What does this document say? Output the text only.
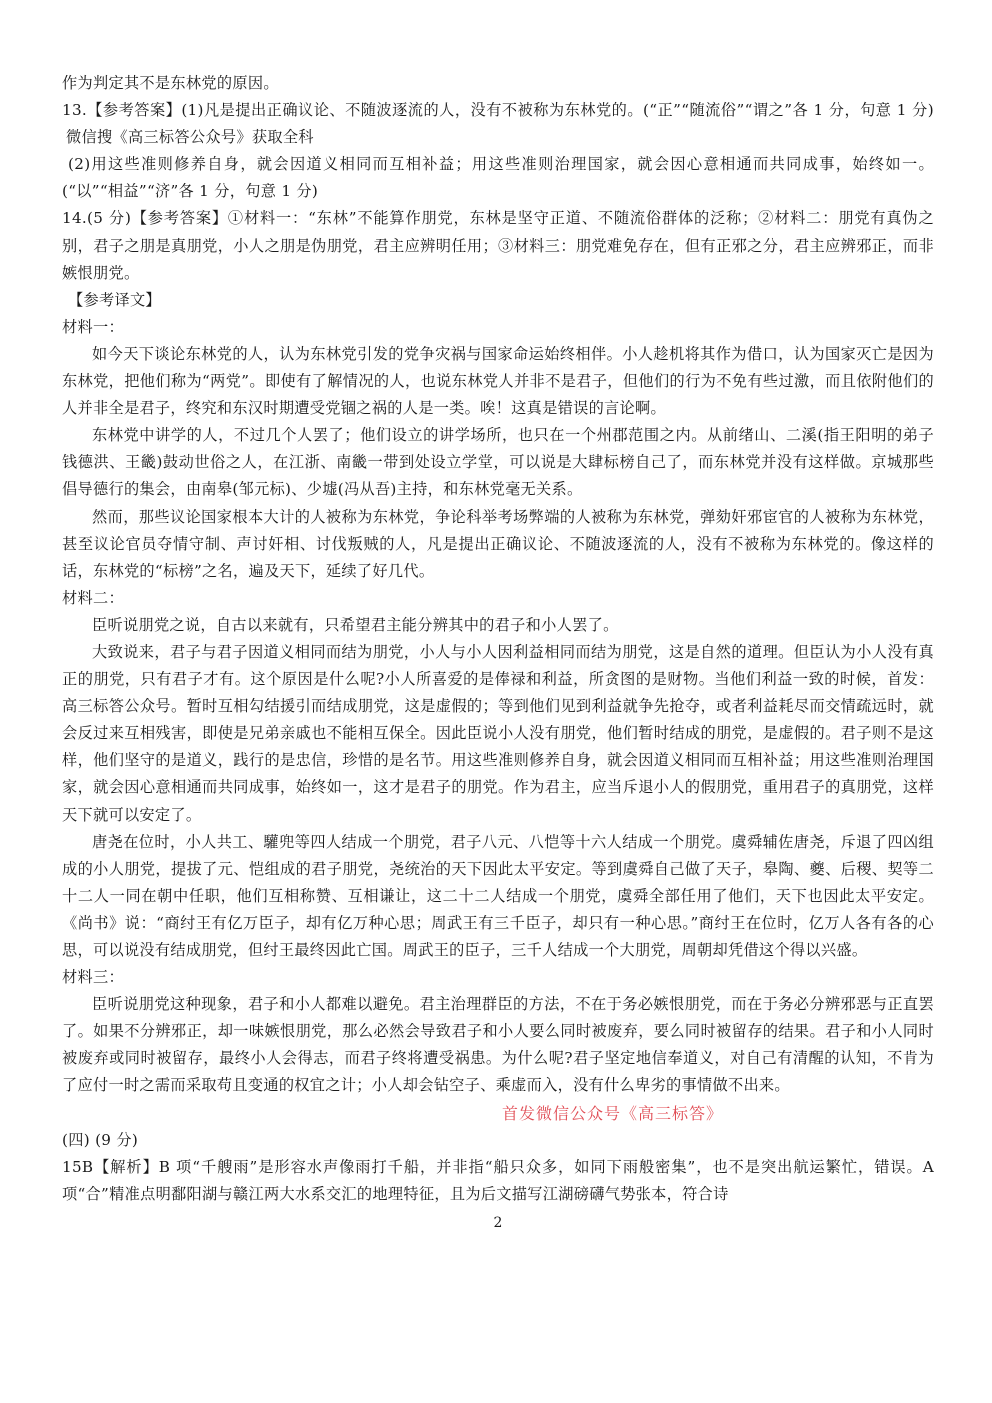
作为判定其不是东林党的原因。

13.【参考答案】(1)凡是提出正确议论、不随波逐流的人，没有不被称为东林党的。(“正”“随流俗”“谓之”各 1 分，句意 1 分)微信搜《高三标答公众号》获取全科

(2)用这些准则修养自身，就会因道义相同而互相补益；用这些准则治理国家，就会因心意相通而共同成事，始终如一。(“以”“相益”“济”各 1 分，句意 1 分)

14.(5 分)【参考答案】①材料一：“东林”不能算作朋党，东林是坚守正道、不随流俗群体的泛称；②材料二：朋党有真伪之别，君子之朋是真朋党，小人之朋是伪朋党，君主应辨明任用；③材料三：朋党难免存在，但有正邪之分，君主应辨邪正，而非嫉恨朋党。

【参考译文】

材料一：

如今天下谈论东林党的人，认为东林党引发的党争灾祸与国家命运始终相伴。小人趁机将其作为借口，认为国家灭亡是因为东林党，把他们称为“两党”。即使有了解情况的人，也说东林党人并非不是君子，但他们的行为不免有些过激，而且依附他们的人并非全是君子，终究和东汉时期遭受党锢之祸的人是一类。唉！这真是错误的言论啊。

东林党中讲学的人，不过几个人罢了；他们设立的讲学场所，也只在一个州郡范围之内。从前绪山、二溪(指王阳明的弟子钱德洪、王畿)鼓动世俗之人，在江浙、南畿一带到处设立学堂，可以说是大肆标榜自己了，而东林党并没有这样做。京城那些倡导德行的集会，由南皋(邹元标)、少墟(冯从吾)主持，和东林党毫无关系。

然而，那些议论国家根本大计的人被称为东林党，争论科举考场弊端的人被称为东林党，弹劾奸邪宦官的人被称为东林党，甚至议论官员夺情守制、声讨奸相、讨伐叛贼的人，凡是提出正确议论、不随波逐流的人，没有不被称为东林党的。像这样的话，东林党的“标榜”之名，遍及天下，延续了好几代。

材料二：

臣听说朋党之说，自古以来就有，只希望君主能分辨其中的君子和小人罢了。

大致说来，君子与君子因道义相同而结为朋党，小人与小人因利益相同而结为朋党，这是自然的道理。但臣认为小人没有真正的朋党，只有君子才有。这个原因是什么呢?小人所喜爱的是俸禄和利益，所贪图的是财物。当他们利益一致的时候，首发：高三标答公众号。暂时互相勾结援引而结成朋党，这是虚假的；等到他们见到利益就争先抢夺，或者利益耗尽而交情疏远时，就会反过来互相残害，即使是兄弟亲戚也不能相互保全。因此臣说小人没有朋党，他们暂时结成的朋党，是虚假的。君子则不是这样，他们坚守的是道义，践行的是忠信，珍惜的是名节。用这些准则修养自身，就会因道义相同而互相补益；用这些准则治理国家，就会因心意相通而共同成事，始终如一，这才是君子的朋党。作为君主，应当斥退小人的假朋党，重用君子的真朋党，这样天下就可以安定了。

唐尧在位时，小人共工、驩兜等四人结成一个朋党，君子八元、八恺等十六人结成一个朋党。虞舜辅佐唐尧，斥退了四凶组成的小人朋党，提拔了元、恺组成的君子朋党，尧统治的天下因此太平安定。等到虞舜自己做了天子，皋陶、夔、后稷、契等二十二人一同在朝中任职，他们互相称赞、互相谦让，这二十二人结成一个朋党，虞舜全部任用了他们，天下也因此太平安定。《尚书》说：“商纣王有亿万臣子，却有亿万种心思；周武王有三千臣子，却只有一种心思。”商纣王在位时，亿万人各有各的心思，可以说没有结成朋党，但纣王最终因此亡国。周武王的臣子，三千人结成一个大朋党，周朝却凭借这个得以兴盛。

材料三：

臣听说朋党这种现象，君子和小人都难以避免。君主治理群臣的方法，不在于务必嫉恨朋党，而在于务必分辨邪恶与正直罢了。如果不分辨邪正，却一味嫉恨朋党，那么必然会导致君子和小人要么同时被废弃，要么同时被留存的结果。君子和小人同时被废弃或同时被留存，最终小人会得志，而君子终将遭受祸患。为什么呢?君子坚定地信奉道义，对自己有清醒的认知，不肯为了应付一时之需而采取苟且变通的权宜之计；小人却会钻空子、乘虚而入，没有什么卑劣的事情做不出来。

首发微信公众号《高三标答》

(四) (9 分)

15B【解析】B 项“千艘雨”是形容水声像雨打千船，并非指“船只众多，如同下雨般密集”，也不是突出航运繁忙，错误。A 项“合”精准点明鄱阳湖与赣江两大水系交汇的地理特征，且为后文描写江湖磅礴气势张本，符合诗

2
